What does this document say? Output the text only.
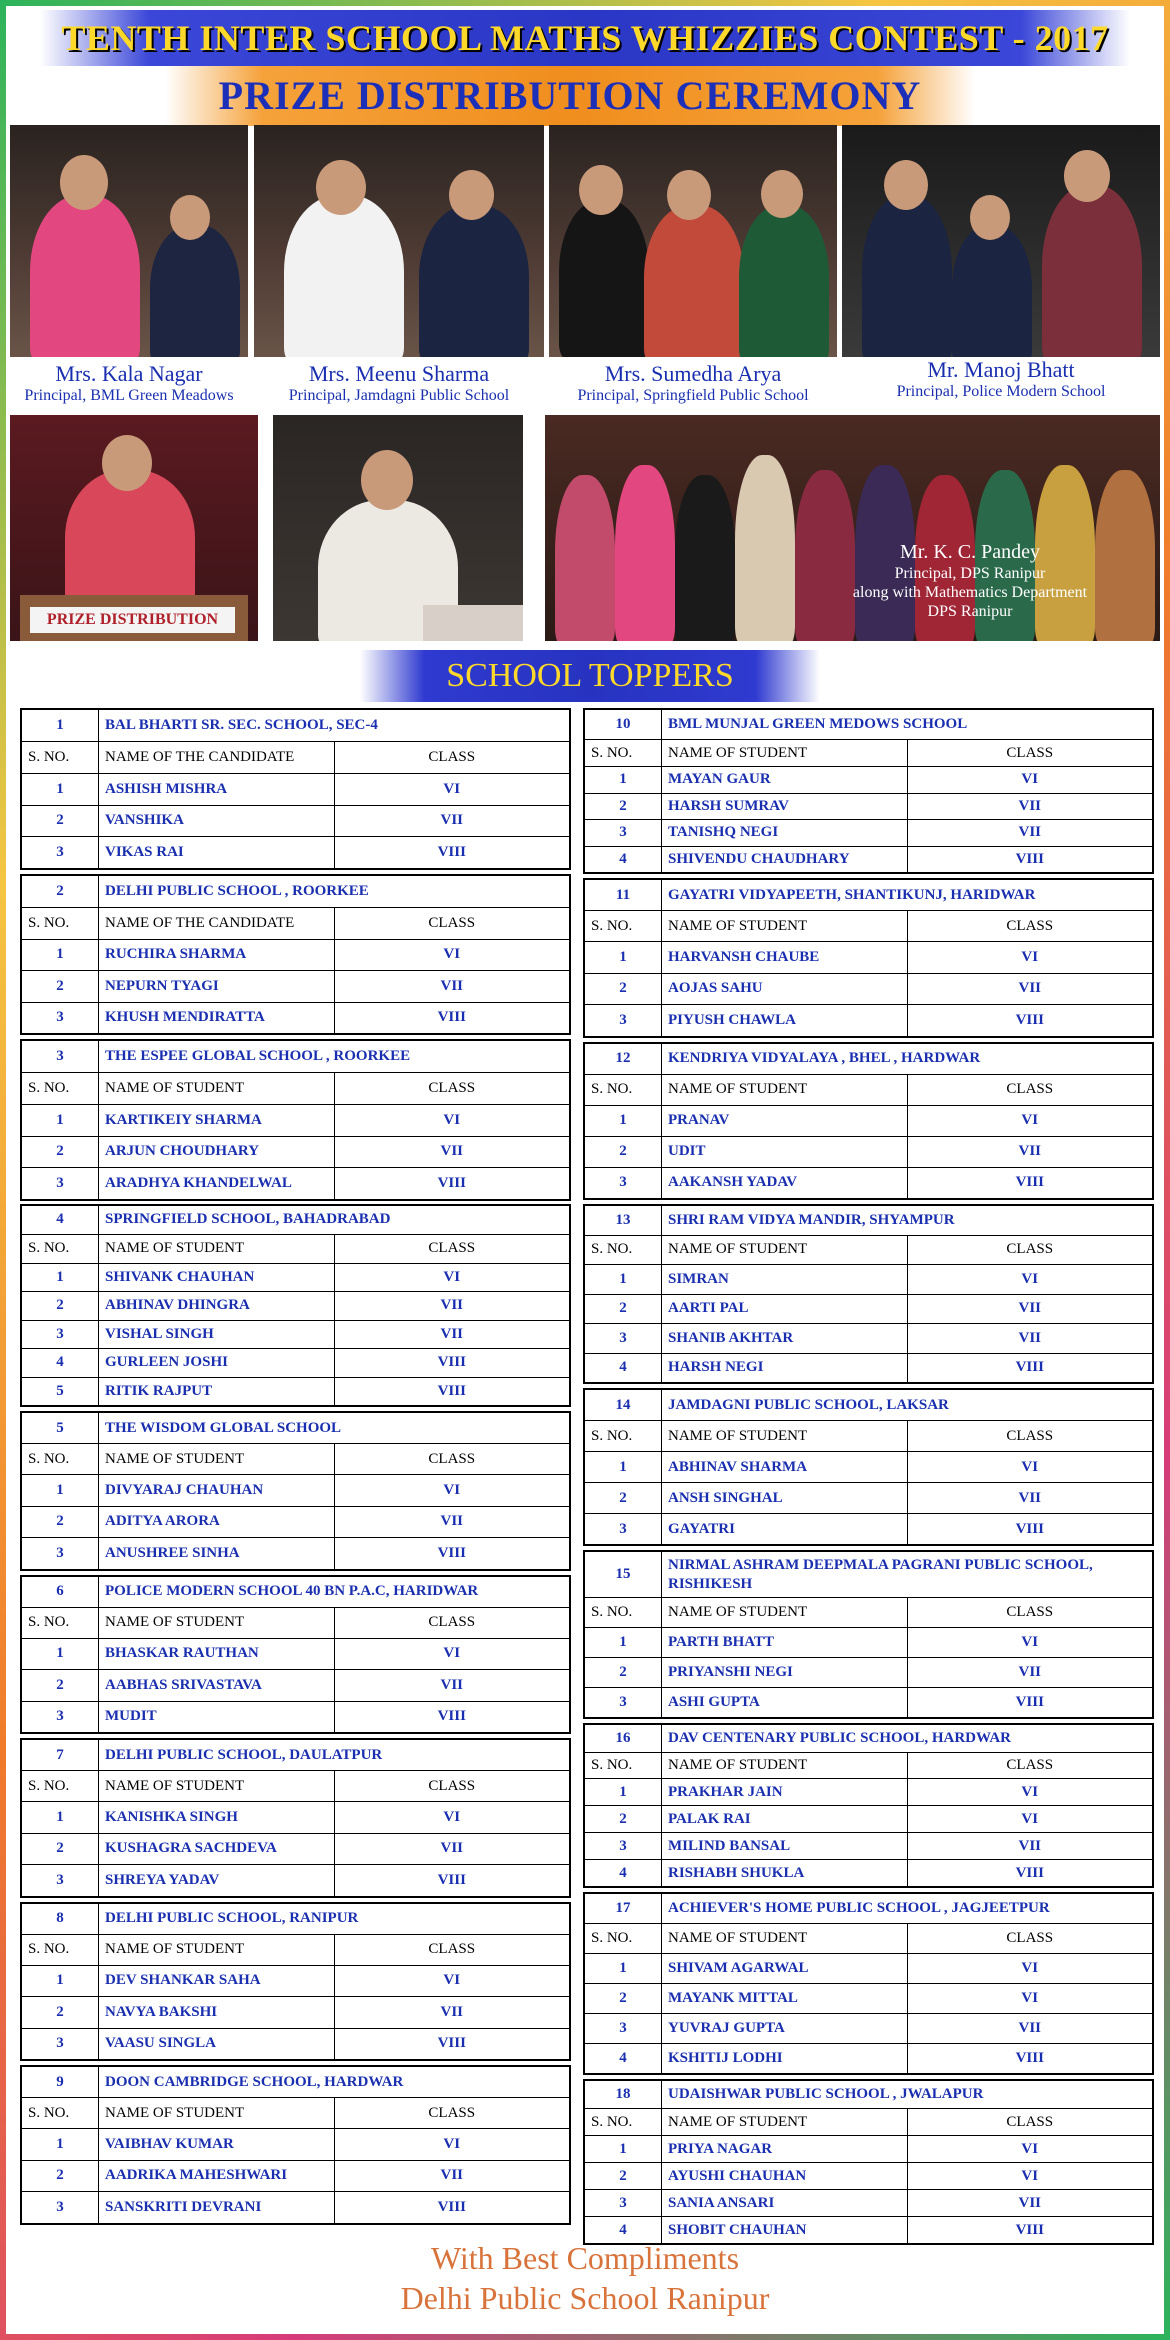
TENTH INTER SCHOOL MATHS WHIZZIES CONTEST - 2017
PRIZE DISTRIBUTION CEREMONY
Mrs. Kala Nagar
Principal, BML Green Meadows
Mrs. Meenu Sharma
Principal, Jamdagni Public School
Mrs. Sumedha Arya
Principal, Springfield Public School
Mr. Manoj Bhatt
Principal, Police Modern School
PRIZE DISTRIBUTION
Mr. K. C. Pandey
Principal, DPS Ranipur
along with Mathematics Department
DPS Ranipur
SCHOOL TOPPERS
1	BAL BHARTI SR. SEC. SCHOOL, SEC-4	
S. NO.	NAME OF THE CANDIDATE	CLASS
1	ASHISH MISHRA	VI
2	VANSHIKA	VII
3	VIKAS RAI	VIII
2	DELHI PUBLIC SCHOOL , ROORKEE	
S. NO.	NAME OF THE CANDIDATE	CLASS
1	RUCHIRA SHARMA	VI
2	NEPURN TYAGI	VII
3	KHUSH MENDIRATTA	VIII
3	THE ESPEE GLOBAL SCHOOL , ROORKEE	
S. NO.	NAME OF STUDENT	CLASS
1	KARTIKEIY SHARMA	VI
2	ARJUN CHOUDHARY	VII
3	ARADHYA KHANDELWAL	VIII
4	SPRINGFIELD SCHOOL, BAHADRABAD	
S. NO.	NAME OF STUDENT	CLASS
1	SHIVANK CHAUHAN	VI
2	ABHINAV DHINGRA	VII
3	VISHAL SINGH	VII
4	GURLEEN JOSHI	VIII
5	RITIK RAJPUT	VIII
5	THE WISDOM GLOBAL SCHOOL	
S. NO.	NAME OF STUDENT	CLASS
1	DIVYARAJ CHAUHAN	VI
2	ADITYA ARORA	VII
3	ANUSHREE SINHA	VIII
6	POLICE MODERN SCHOOL 40 BN P.A.C, HARIDWAR	
S. NO.	NAME OF STUDENT	CLASS
1	BHASKAR RAUTHAN	VI
2	AABHAS SRIVASTAVA	VII
3	MUDIT	VIII
7	DELHI PUBLIC SCHOOL, DAULATPUR	
S. NO.	NAME OF STUDENT	CLASS
1	KANISHKA SINGH	VI
2	KUSHAGRA SACHDEVA	VII
3	SHREYA YADAV	VIII
8	DELHI PUBLIC SCHOOL, RANIPUR	
S. NO.	NAME OF STUDENT	CLASS
1	DEV SHANKAR SAHA	VI
2	NAVYA BAKSHI	VII
3	VAASU SINGLA	VIII
9	DOON CAMBRIDGE SCHOOL, HARDWAR	
S. NO.	NAME OF STUDENT	CLASS
1	VAIBHAV KUMAR	VI
2	AADRIKA MAHESHWARI	VII
3	SANSKRITI DEVRANI	VIII
10	BML MUNJAL GREEN MEDOWS SCHOOL	
S. NO.	NAME OF STUDENT	CLASS
1	MAYAN GAUR	VI
2	HARSH SUMRAV	VII
3	TANISHQ NEGI	VII
4	SHIVENDU CHAUDHARY	VIII
11	GAYATRI VIDYAPEETH, SHANTIKUNJ, HARIDWAR	
S. NO.	NAME OF STUDENT	CLASS
1	HARVANSH CHAUBE	VI
2	AOJAS SAHU	VII
3	PIYUSH CHAWLA	VIII
12	KENDRIYA VIDYALAYA , BHEL , HARDWAR	
S. NO.	NAME OF STUDENT	CLASS
1	PRANAV	VI
2	UDIT	VII
3	AAKANSH YADAV	VIII
13	SHRI RAM VIDYA MANDIR, SHYAMPUR	
S. NO.	NAME OF STUDENT	CLASS
1	SIMRAN	VI
2	AARTI PAL	VII
3	SHANIB AKHTAR	VII
4	HARSH NEGI	VIII
14	JAMDAGNI PUBLIC SCHOOL, LAKSAR	
S. NO.	NAME OF STUDENT	CLASS
1	ABHINAV SHARMA	VI
2	ANSH SINGHAL	VII
3	GAYATRI	VIII
15	NIRMAL ASHRAM DEEPMALA PAGRANI PUBLIC SCHOOL, RISHIKESH	
S. NO.	NAME OF STUDENT	CLASS
1	PARTH BHATT	VI
2	PRIYANSHI NEGI	VII
3	ASHI GUPTA	VIII
16	DAV CENTENARY PUBLIC SCHOOL, HARDWAR	
S. NO.	NAME OF STUDENT	CLASS
1	PRAKHAR JAIN	VI
2	PALAK RAI	VI
3	MILIND BANSAL	VII
4	RISHABH SHUKLA	VIII
17	ACHIEVER'S HOME PUBLIC SCHOOL , JAGJEETPUR	
S. NO.	NAME OF STUDENT	CLASS
1	SHIVAM AGARWAL	VI
2	MAYANK MITTAL	VI
3	YUVRAJ GUPTA	VII
4	KSHITIJ LODHI	VIII
18	UDAISHWAR PUBLIC SCHOOL , JWALAPUR	
S. NO.	NAME OF STUDENT	CLASS
1	PRIYA NAGAR	VI
2	AYUSHI CHAUHAN	VI
3	SANIA ANSARI	VII
4	SHOBIT CHAUHAN	VIII
With Best Compliments
Delhi Public School Ranipur
